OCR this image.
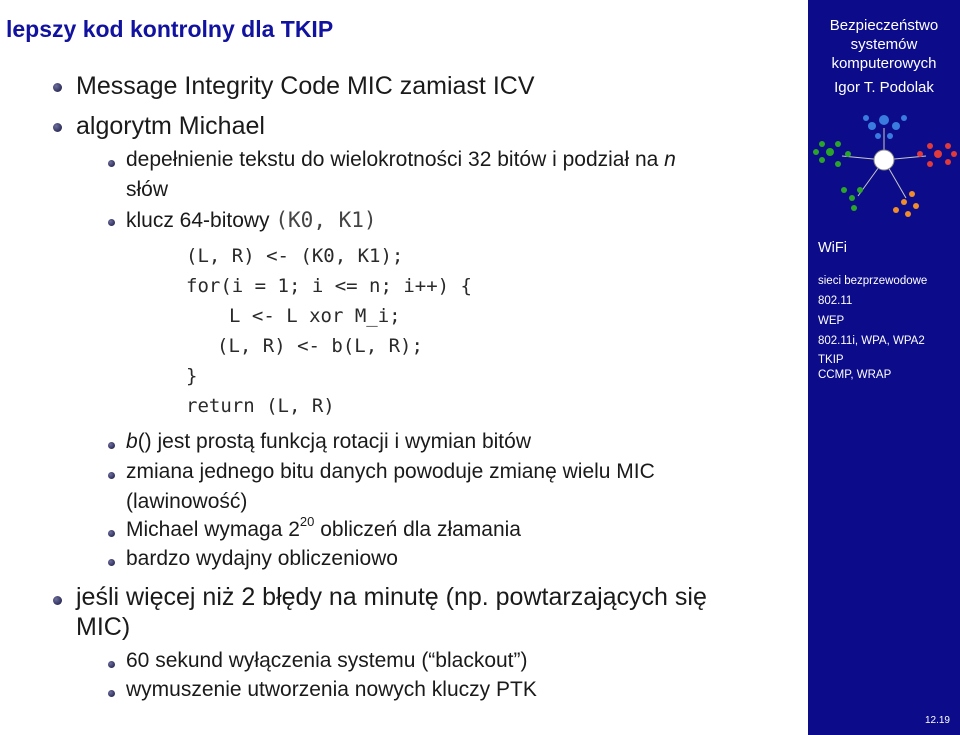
lepszy kod kontrolny dla TKIP
Message Integrity Code MIC zamiast ICV
algorytm Michael
depełnienie tekstu do wielokrotności 32 bitów i podział na n
słów
klucz 64-bitowy (K0, K1)
(L, R) <- (K0, K1);
for(i = 1; i <= n; i++) {
L <- L xor M_i;
(L, R) <- b(L, R);
}
return (L, R)
b() jest prostą funkcją rotacji i wymian bitów
zmiana jednego bitu danych powoduje zmianę wielu MIC
(lawinowość)
Michael wymaga $2^{20}$ obliczeń dla złamania
bardzo wydajny obliczeniowo
jeśli więcej niż 2 błędy na minutę (np. powtarzających się
MIC)
60 sekund wyłączenia systemu (“blackout”)
wymuszenie utworzenia nowych kluczy PTK
Bezpieczeństwo
systemów
komputerowych
Igor T. Podolak
WiFi
sieci bezprzewodowe
802.11
WEP
802.11i, WPA, WPA2
TKIP
CCMP, WRAP
12.19
